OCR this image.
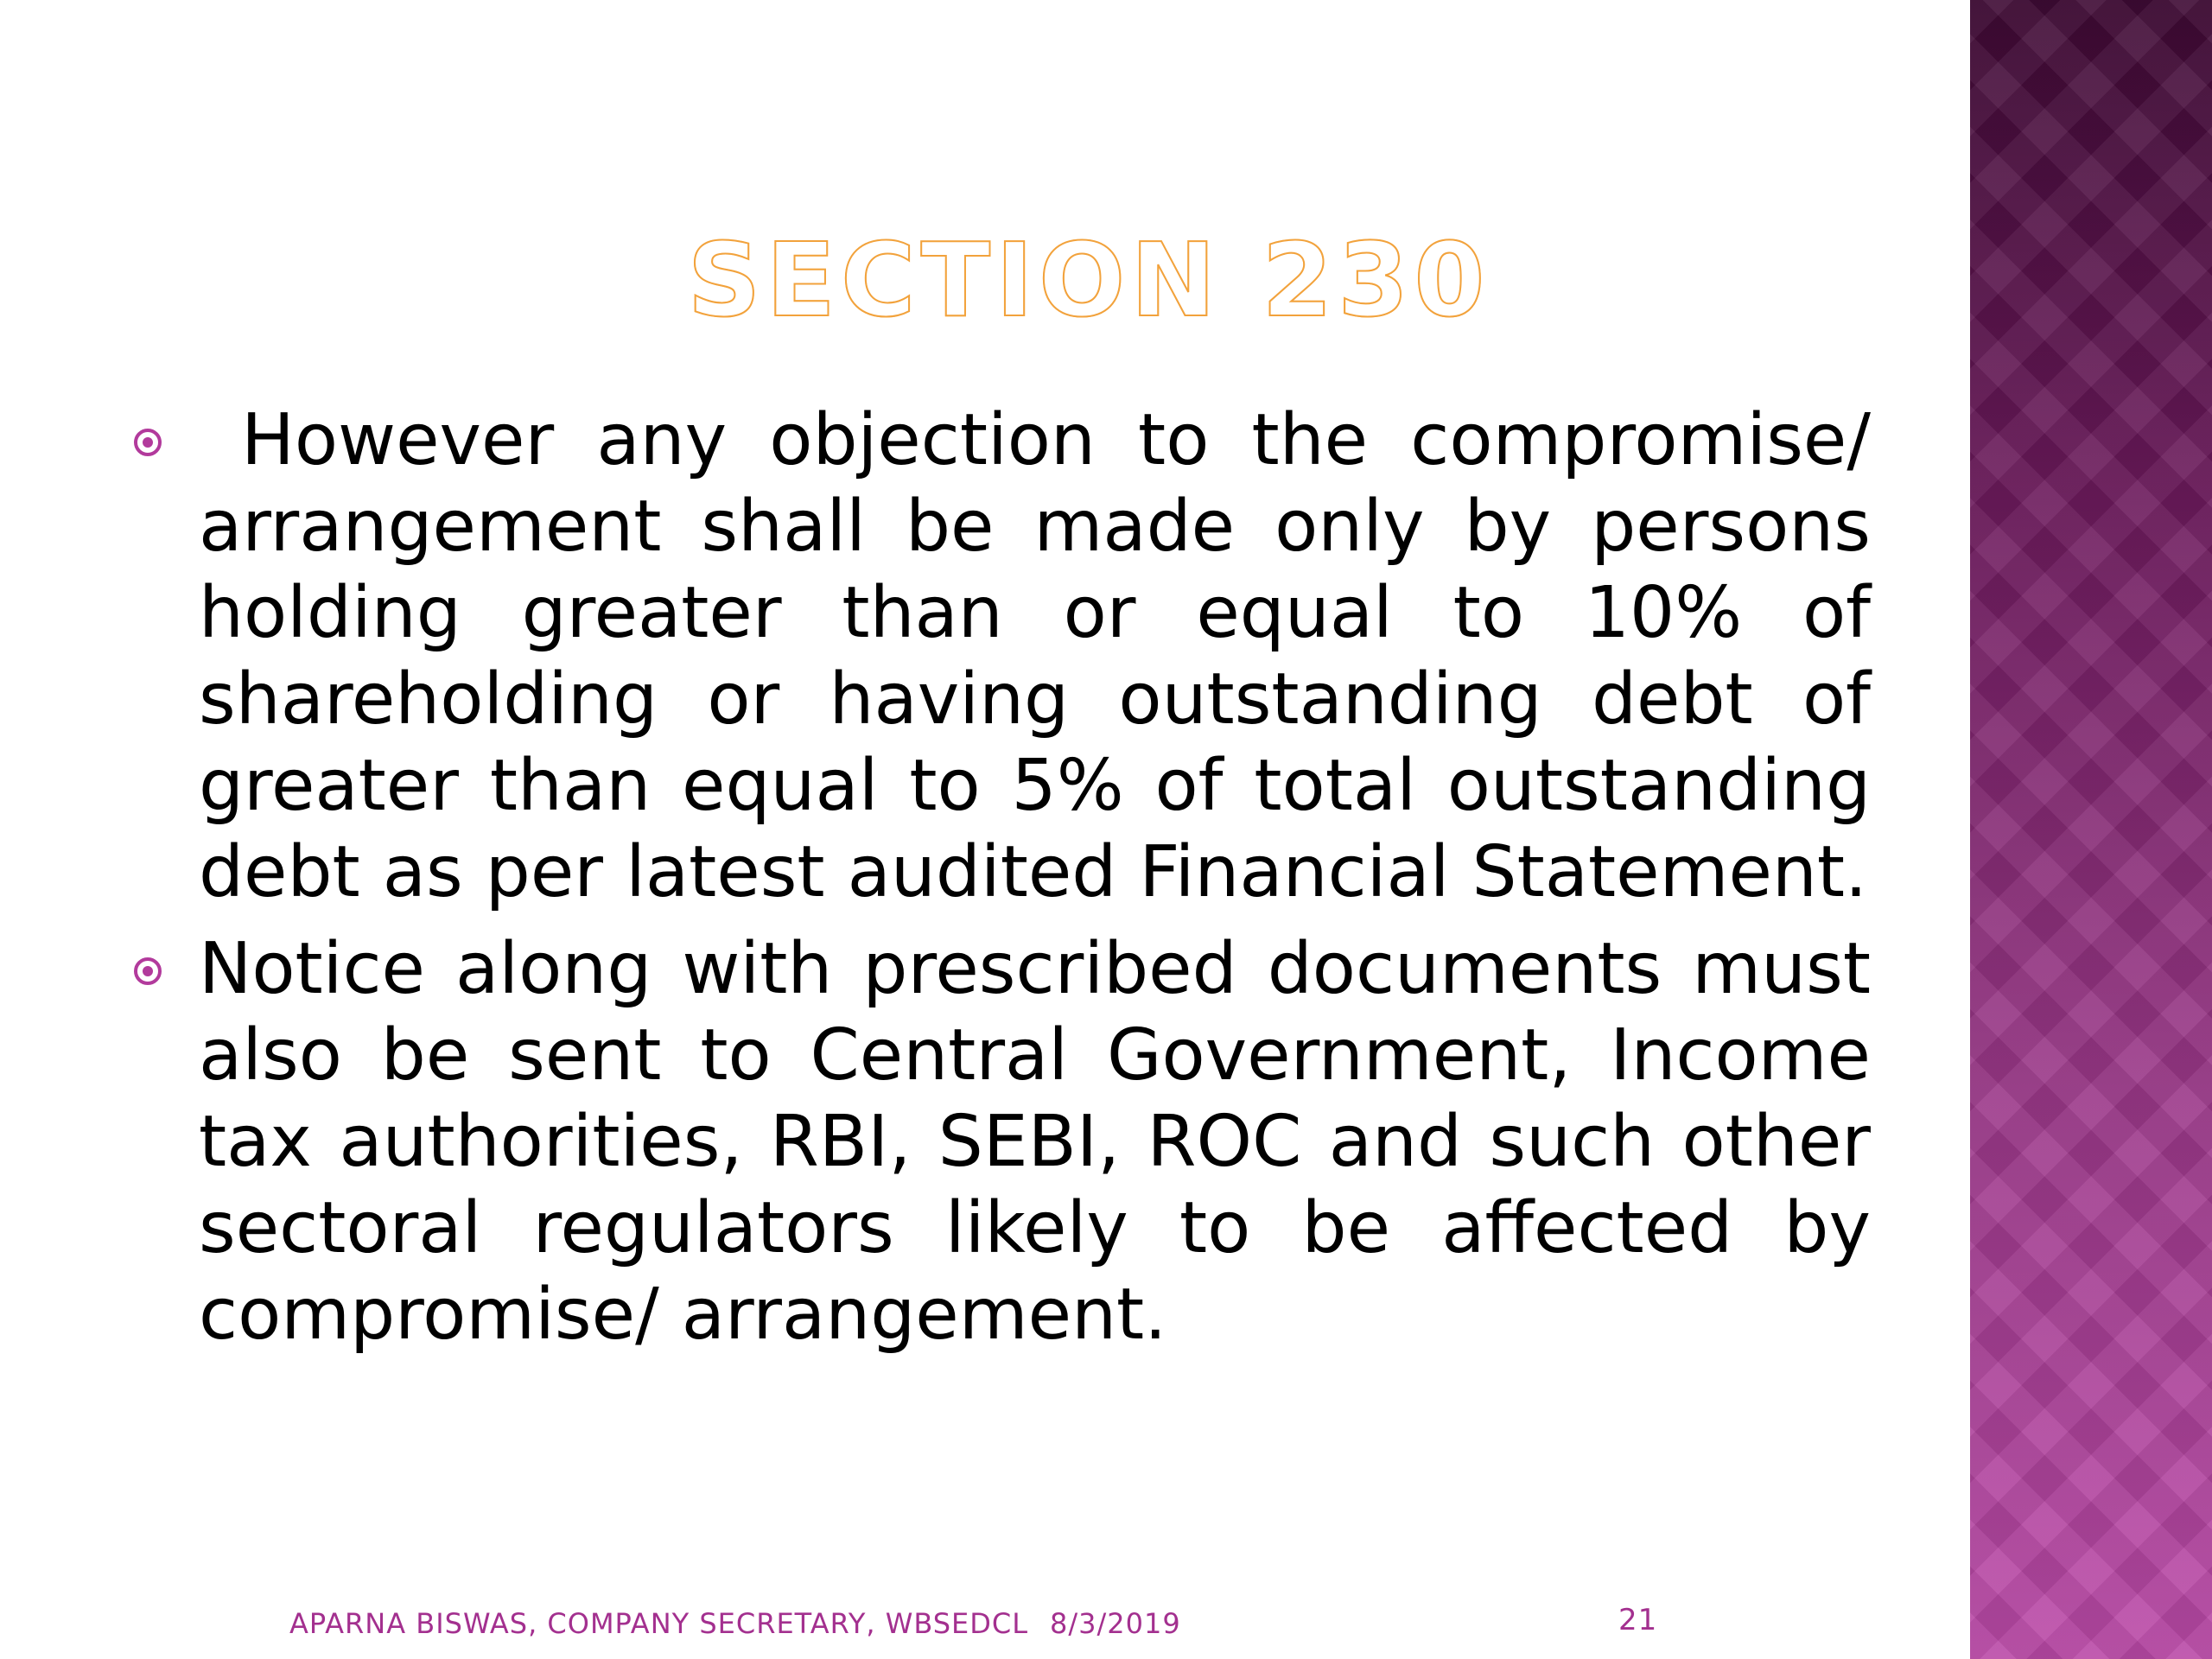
SECTION 230
However any objection to the compromise/ arrangement shall be made only by persons holding greater than or equal to 10% of shareholding or having outstanding debt of greater than equal to 5% of total outstanding debt as per latest audited Financial Statement.
Notice along with prescribed documents must also be sent to Central Government, Income tax authorities, RBI, SEBI, ROC and such other sectoral regulators likely to be affected by compromise/ arrangement.
APARNA BISWAS, COMPANY SECRETARY, WBSEDCL 8/3/2019	21
